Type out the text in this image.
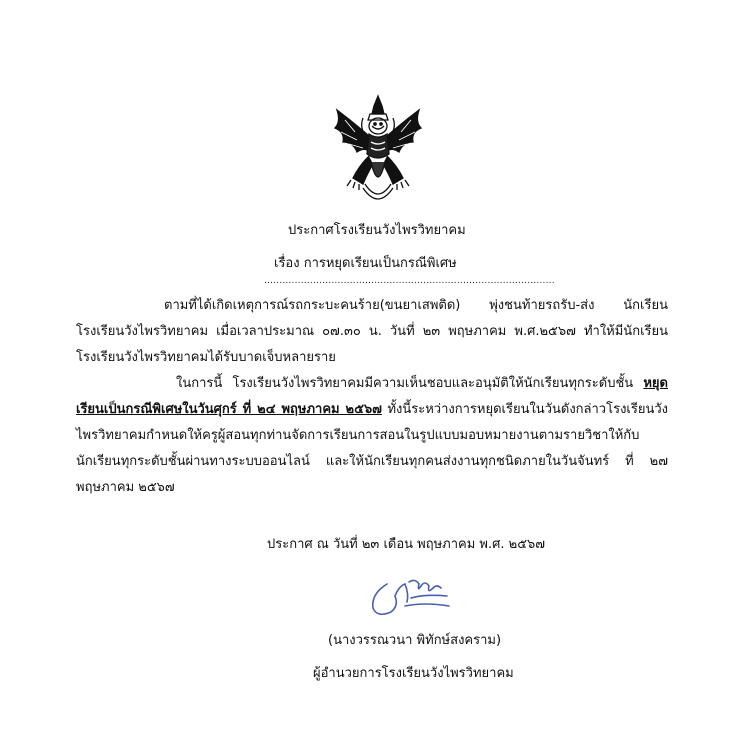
ประกาศโรงเรียนวังไพรวิทยาคม
เรื่อง การหยุดเรียนเป็นกรณีพิเศษ
...............................................................................................
ตามที่ได้เกิดเหตุการณ์รถกระบะคนร้าย(ขนยาเสพติด) พุ่งชนท้ายรถรับ-ส่ง นักเรียน โรงเรียนวังไพรวิทยาคม เมื่อเวลาประมาณ ๐๗.๓๐ น. วันที่ ๒๓ พฤษภาคม พ.ศ.๒๕๖๗ ทำให้มีนักเรียน โรงเรียนวังไพรวิทยาคมได้รับบาดเจ็บหลายราย
ในการนี้ โรงเรียนวังไพรวิทยาคมมีความเห็นชอบและอนุมัติให้นักเรียนทุกระดับชั้น หยุดเรียนเป็นกรณีพิเศษในวันศุกร์ ที่ ๒๔ พฤษภาคม ๒๕๖๗ ทั้งนี้ระหว่างการหยุดเรียนในวันดังกล่าวโรงเรียนวังไพรวิทยาคมกำหนดให้ครูผู้สอนทุกท่านจัดการเรียนการสอนในรูปแบบมอบหมายงานตามรายวิชาให้กับนักเรียนทุกระดับชั้นผ่านทางระบบออนไลน์ และให้นักเรียนทุกคนส่งงานทุกชนิดภายในวันจันทร์ ที่ ๒๗ พฤษภาคม ๒๕๖๗
ประกาศ ณ วันที่ ๒๓ เดือน พฤษภาคม พ.ศ. ๒๕๖๗
(นางวรรณวนา พิทักษ์สงคราม)
ผู้อำนวยการโรงเรียนวังไพรวิทยาคม
